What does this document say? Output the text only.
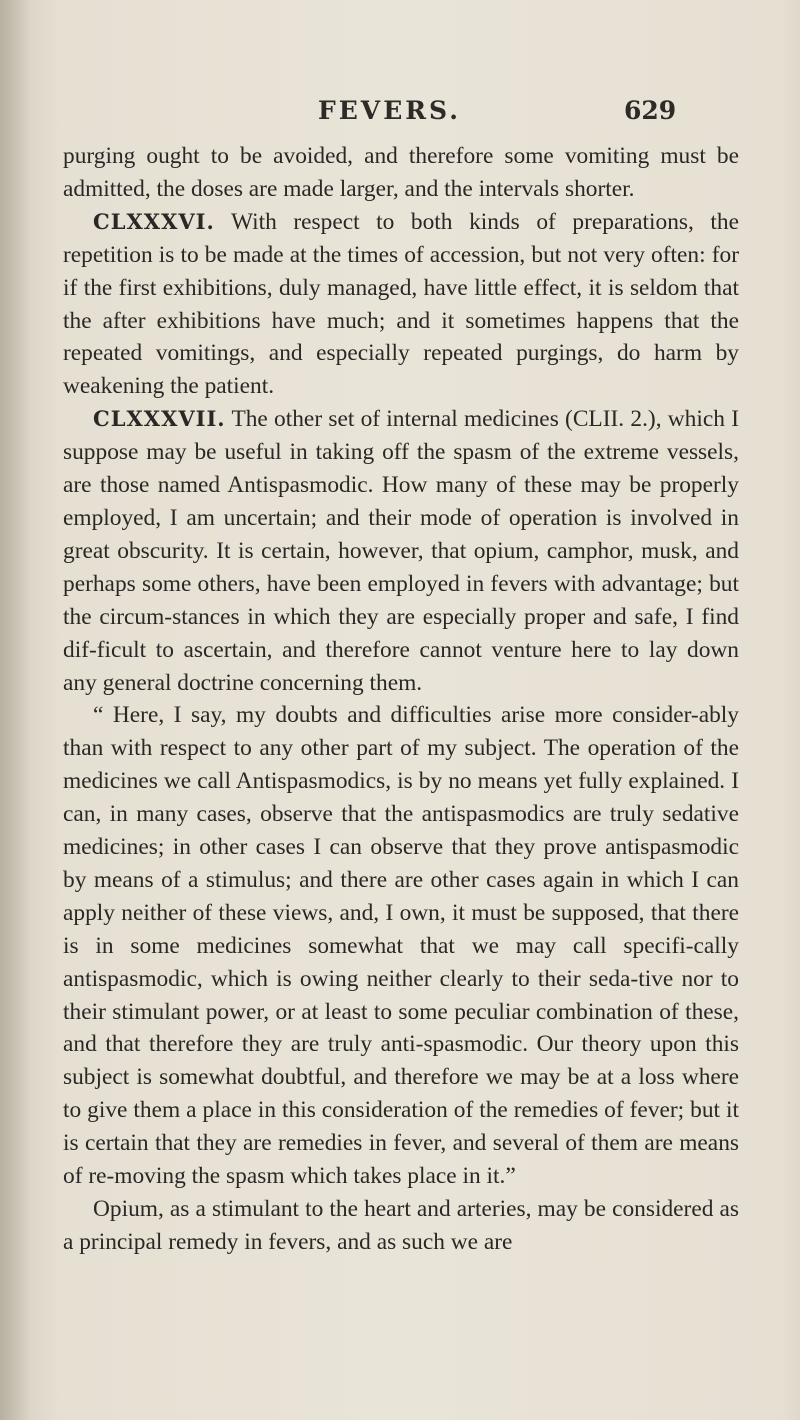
FEVERS.	629

purging ought to be avoided, and therefore some vomiting must be admitted, the doses are made larger, and the intervals shorter.

CLXXXVI. With respect to both kinds of preparations, the repetition is to be made at the times of accession, but not very often: for if the first exhibitions, duly managed, have little effect, it is seldom that the after exhibitions have much; and it sometimes happens that the repeated vomitings, and especially repeated purgings, do harm by weakening the patient.

CLXXXVII. The other set of internal medicines (CLII. 2.), which I suppose may be useful in taking off the spasm of the extreme vessels, are those named Antispasmodic. How many of these may be properly employed, I am uncertain; and their mode of operation is involved in great obscurity. It is certain, however, that opium, camphor, musk, and perhaps some others, have been employed in fevers with advantage; but the circum-stances in which they are especially proper and safe, I find dif-ficult to ascertain, and therefore cannot venture here to lay down any general doctrine concerning them.

“ Here, I say, my doubts and difficulties arise more consider-ably than with respect to any other part of my subject. The operation of the medicines we call Antispasmodics, is by no means yet fully explained. I can, in many cases, observe that the antispasmodics are truly sedative medicines; in other cases I can observe that they prove antispasmodic by means of a stimulus; and there are other cases again in which I can apply neither of these views, and, I own, it must be supposed, that there is in some medicines somewhat that we may call specifi-cally antispasmodic, which is owing neither clearly to their seda-tive nor to their stimulant power, or at least to some peculiar combination of these, and that therefore they are truly anti-spasmodic. Our theory upon this subject is somewhat doubtful, and therefore we may be at a loss where to give them a place in this consideration of the remedies of fever; but it is certain that they are remedies in fever, and several of them are means of re-moving the spasm which takes place in it.”

Opium, as a stimulant to the heart and arteries, may be considered as a principal remedy in fevers, and as such we are
